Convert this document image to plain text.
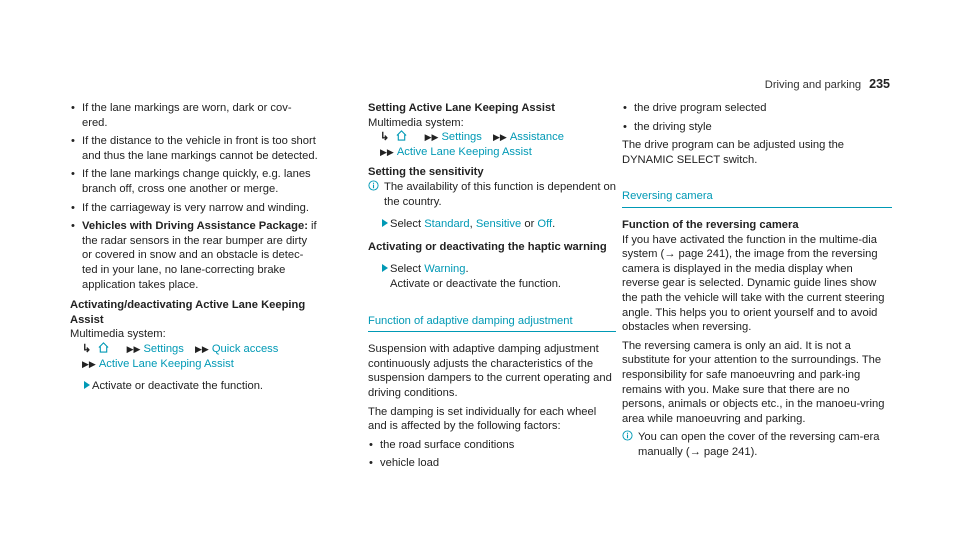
Driving and parking 235
• If the lane markings are worn, dark or cov- ered.
• If the distance to the vehicle in front is too short and thus the lane markings cannot be detected.
• If the lane markings change quickly, e.g. lanes branch off, cross one another or merge.
• If the carriageway is very narrow and winding.
• Vehicles with Driving Assistance Package: if the radar sensors in the rear bumper are dirty or covered in snow and an obstacle is detec-ted in your lane, no lane-correcting brake application takes place.
Activating/deactivating Active Lane Keeping Assist
Multimedia system:
↳	▶▶ Settings ▶▶ Quick access
▶▶ Active Lane Keeping Assist
Activate or deactivate the function.
Setting Active Lane Keeping Assist
Multimedia system:
↳	▶▶ Settings ▶▶ Assistance
▶▶ Active Lane Keeping Assist
Setting the sensitivity
The availability of this function is dependent on the country.
Select Standard, Sensitive or Off.
Activating or deactivating the haptic warning
Select Warning.
Activate or deactivate the function.
Function of adaptive damping adjustment

Suspension with adaptive damping adjustment continuously adjusts the characteristics of the suspension dampers to the current operating and driving conditions.

The damping is set individually for each wheel and is affected by the following factors:

• the road surface conditions
• vehicle load
• the drive program selected
• the driving style

The drive program can be adjusted using the DYNAMIC SELECT switch.

Reversing camera
Function of the reversing camera

If you have activated the function in the multime-dia system (→ page 241), the image from the reversing camera is displayed in the media display when reverse gear is selected. Dynamic guide lines show the path the vehicle will take with the current steering angle. This helps you to orient yourself and to avoid obstacles when reversing.

The reversing camera is only an aid. It is not a substitute for your attention to the surroundings. The responsibility for safe manoeuvring and park-ing remains with you. Make sure that there are no persons, animals or objects etc., in the manoeu-vring area while manoeuvring and parking.

You can open the cover of the reversing cam-era manually (→ page 241).
